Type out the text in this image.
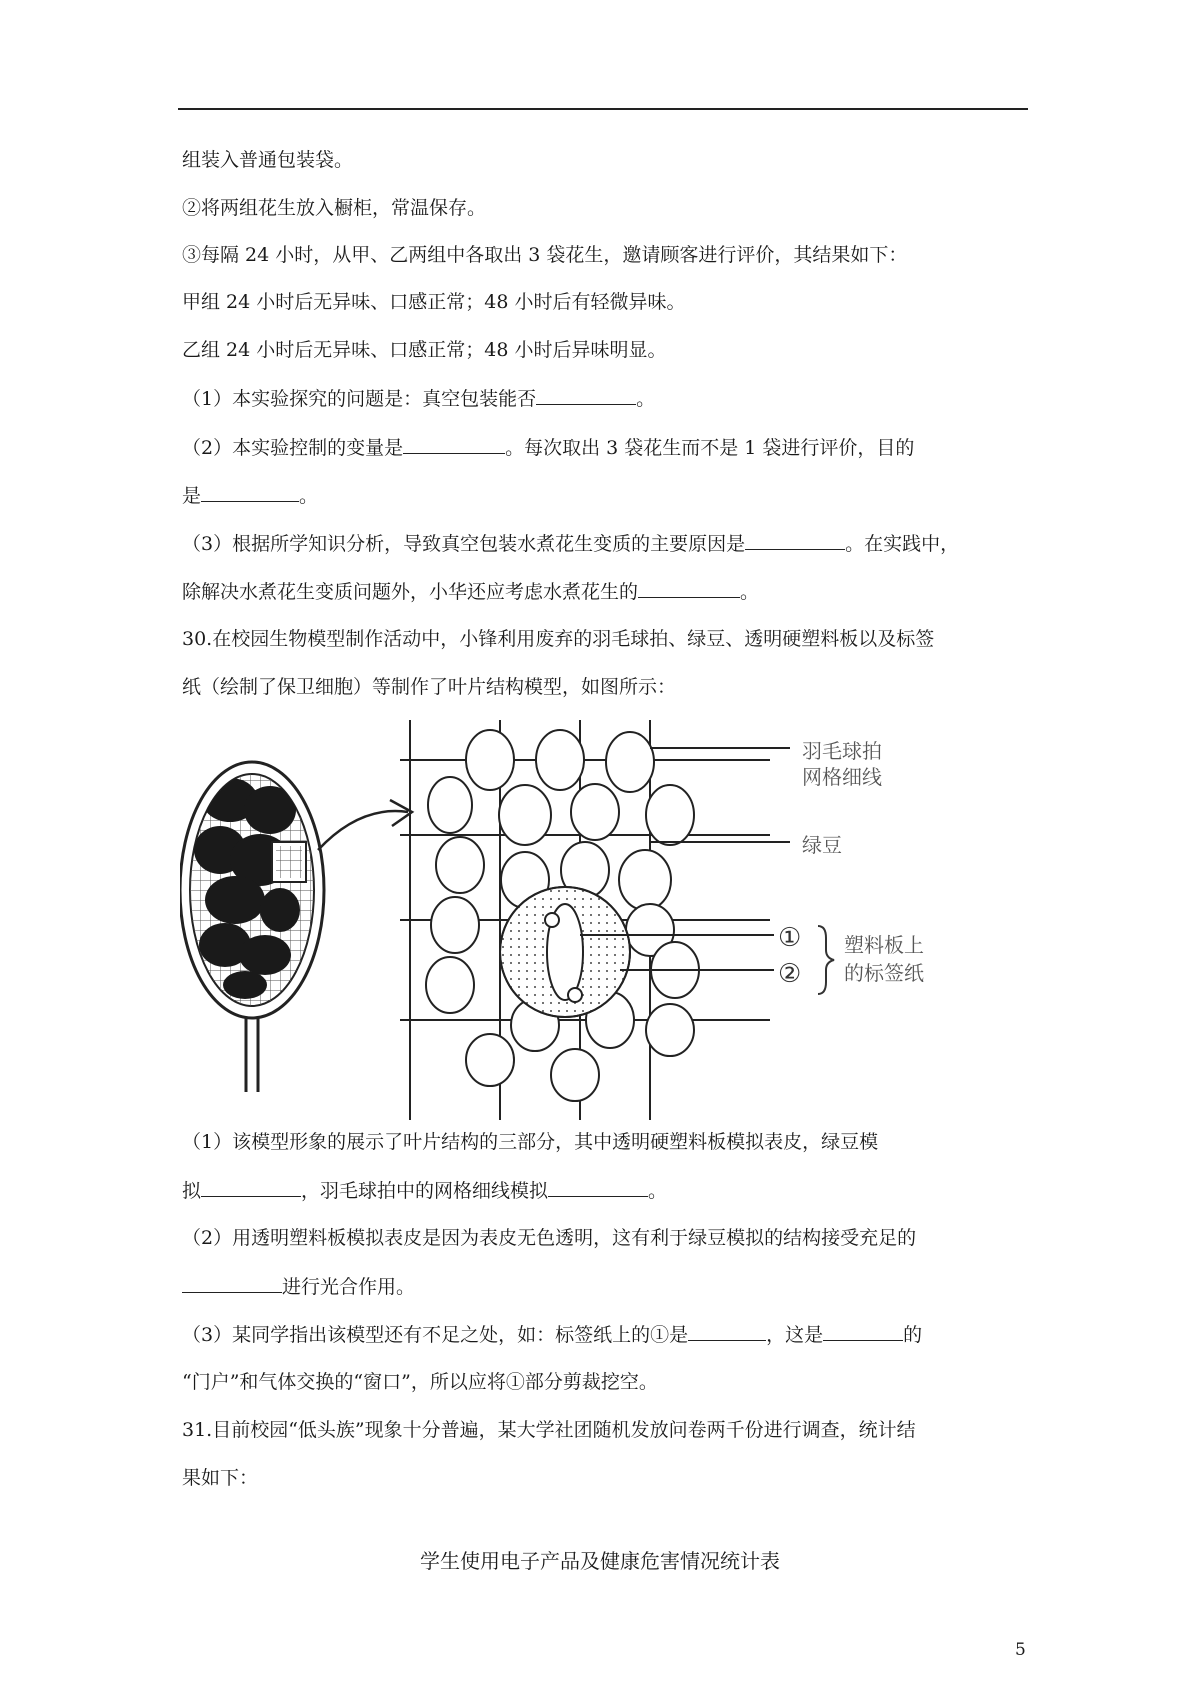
组装入普通包装袋。
②将两组花生放入橱柜，常温保存。
③每隔 24 小时，从甲、乙两组中各取出 3 袋花生，邀请顾客进行评价，其结果如下：
甲组 24 小时后无异味、口感正常；48 小时后有轻微异味。
乙组 24 小时后无异味、口感正常；48 小时后异味明显。
（1）本实验探究的问题是：真空包装能否	。
（2）本实验控制的变量是	。每次取出 3 袋花生而不是 1 袋进行评价，目的
是	。
（3）根据所学知识分析，导致真空包装水煮花生变质的主要原因是	。在实践中，
除解决水煮花生变质问题外，小华还应考虑水煮花生的	。
30.在校园生物模型制作活动中，小锋利用废弃的羽毛球拍、绿豆、透明硬塑料板以及标签
纸（绘制了保卫细胞）等制作了叶片结构模型，如图所示：
羽毛球拍
网格细线
绿豆
①
②
塑料板上
的标签纸
（1）该模型形象的展示了叶片结构的三部分，其中透明硬塑料板模拟表皮，绿豆模
拟	，羽毛球拍中的网格细线模拟	。
（2）用透明塑料板模拟表皮是因为表皮无色透明，这有利于绿豆模拟的结构接受充足的
进行光合作用。
（3）某同学指出该模型还有不足之处，如：标签纸上的①是	，这是	的
“门户”和气体交换的“窗口”，所以应将①部分剪裁挖空。
31.目前校园“低头族”现象十分普遍，某大学社团随机发放问卷两千份进行调查，统计结
果如下：
学生使用电子产品及健康危害情况统计表
5
